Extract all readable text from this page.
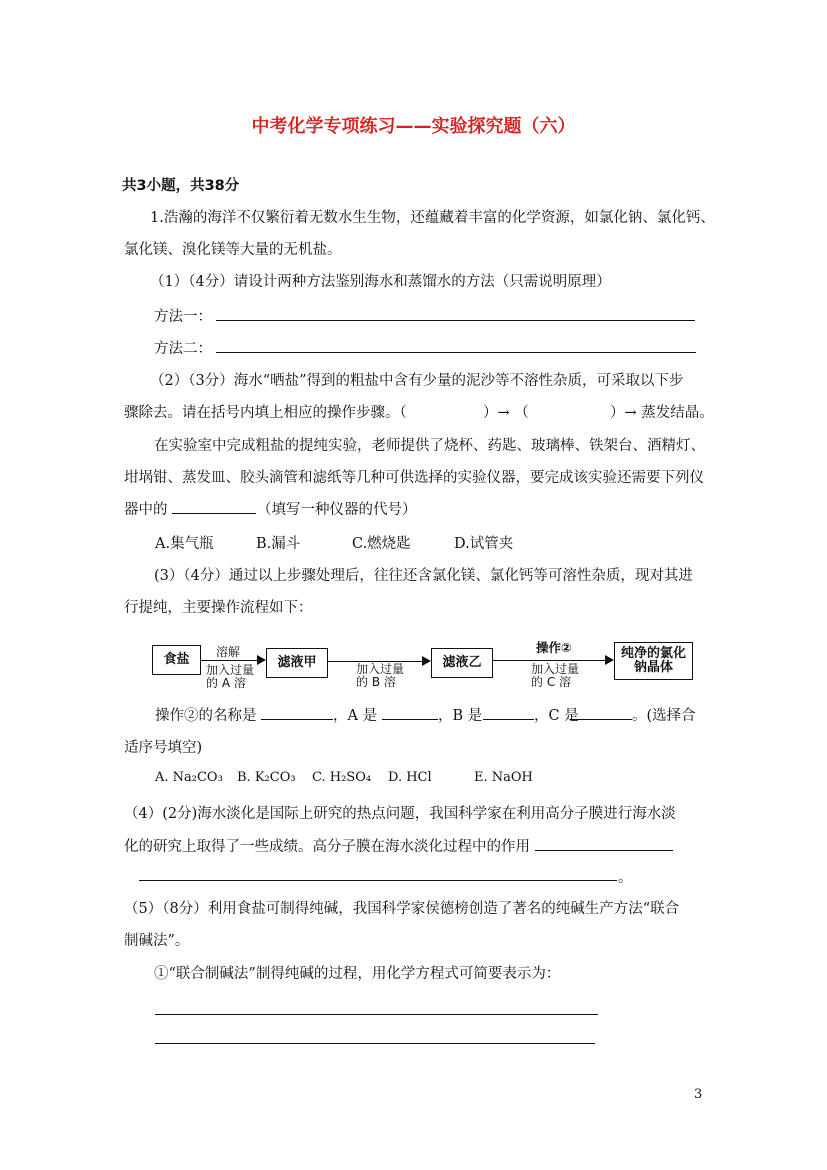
中考化学专项练习——实验探究题（六）
共3小题，共38分
1.浩瀚的海洋不仅繁衍着无数水生生物，还蕴藏着丰富的化学资源，如氯化钠、氯化钙、
氯化镁、溴化镁等大量的无机盐。
（1）（4分）请设计两种方法鉴别海水和蒸馏水的方法（只需说明原理）
方法一：
方法二：
（2）（3分）海水“晒盐”得到的粗盐中含有少量的泥沙等不溶性杂质，可采取以下步
骤除去。请在括号内填上相应的操作步骤。（	）→ （	）→ 蒸发结晶。
在实验室中完成粗盐的提纯实验，老师提供了烧杯、药匙、玻璃棒、铁架台、酒精灯、
坩埚钳、蒸发皿、胶头滴管和滤纸等几种可供选择的实验仪器，要完成该实验还需要下列仪
器中的	（填写一种仪器的代号）
A.集气瓶	B.漏斗	C.燃烧匙	D.试管夹
(3）（4分）通过以上步骤处理后，往往还含氯化镁、氯化钙等可溶性杂质，现对其进
行提纯，主要操作流程如下：
食盐	滤液甲	滤液乙
纯净的氯化钠晶体
溶解
加入过量
的 A 溶
加入过量
的 B 溶
操作②
加入过量
的 C 溶
操作②的名称是	，A 是	，B 是	，C 是	。(选择合
适序号填空)
A. Na₂CO₃ B. K₂CO₃ C. H₂SO₄ D. HCl	E. NaOH
（4）(2分)海水淡化是国际上研究的热点问题，我国科学家在利用高分子膜进行海水淡
化的研究上取得了一些成绩。高分子膜在海水淡化过程中的作用
。
（5）（8分）利用食盐可制得纯碱，我国科学家侯德榜创造了著名的纯碱生产方法“联合
制碱法”。
①“联合制碱法”制得纯碱的过程，用化学方程式可简要表示为：
3
